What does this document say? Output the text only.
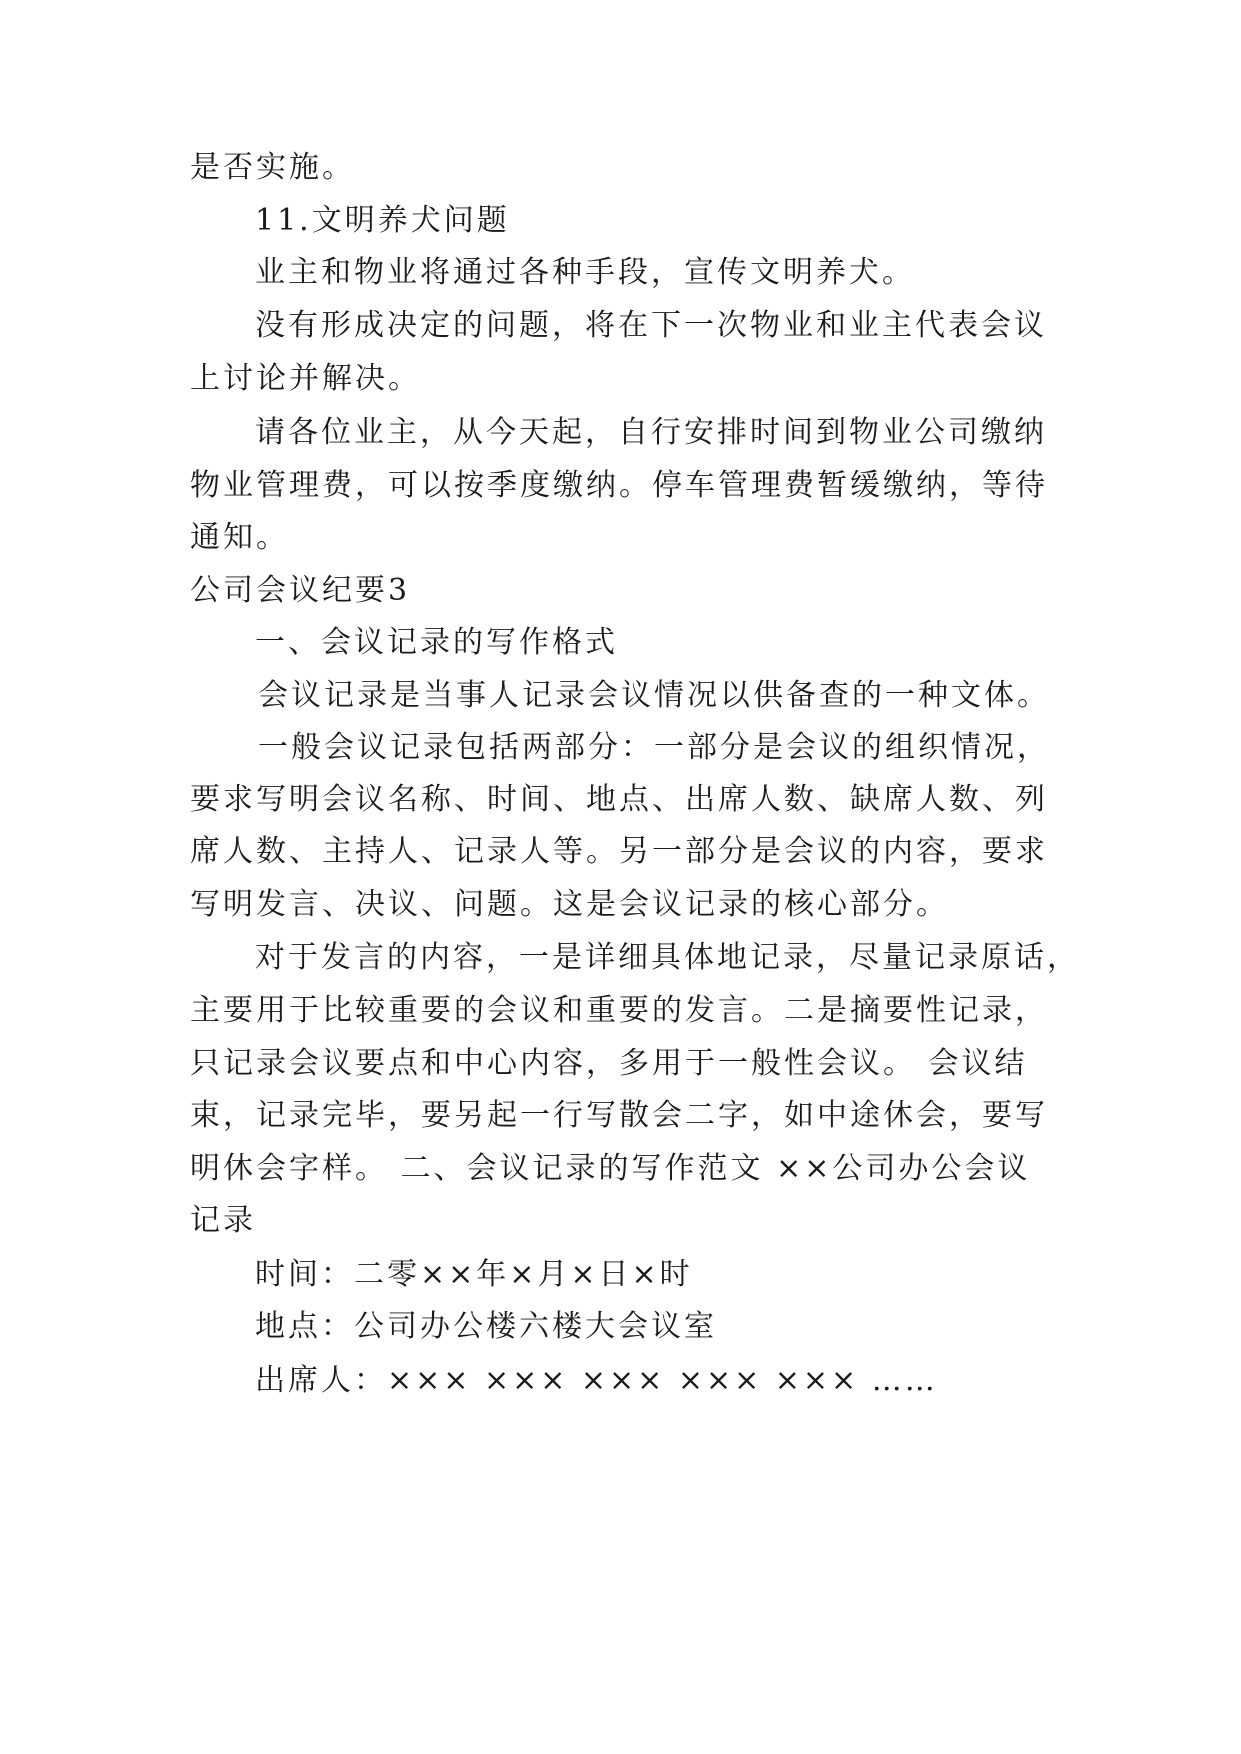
是否实施。
11.文明养犬问题
业主和物业将通过各种手段，宣传文明养犬。
没有形成决定的问题，将在下一次物业和业主代表会议
上讨论并解决。
请各位业主，从今天起，自行安排时间到物业公司缴纳
物业管理费，可以按季度缴纳。停车管理费暂缓缴纳，等待
通知。
公司会议纪要3
一、会议记录的写作格式
会议记录是当事人记录会议情况以供备查的一种文体。
一般会议记录包括两部分：一部分是会议的组织情况，
要求写明会议名称、时间、地点、出席人数、缺席人数、列
席人数、主持人、记录人等。另一部分是会议的内容，要求
写明发言、决议、问题。这是会议记录的核心部分。
对于发言的内容，一是详细具体地记录，尽量记录原话，
主要用于比较重要的会议和重要的发言。二是摘要性记录，
只记录会议要点和中心内容，多用于一般性会议。 会议结
束，记录完毕，要另起一行写散会二字，如中途休会，要写
明休会字样。 二、会议记录的写作范文 ××公司办公会议
记录
时间：二零××年×月×日×时
地点：公司办公楼六楼大会议室
出席人：××× ××× ××× ××× ××× ……
